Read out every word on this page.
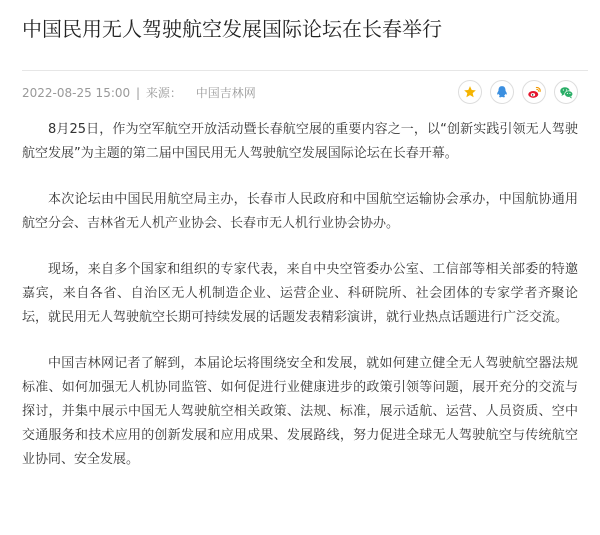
中国民用无人驾驶航空发展国际论坛在长春举行
2022-08-25 15:00 | 来源： 中国吉林网

8月25日，作为空军航空开放活动暨长春航空展的重要内容之一，以“创新实践引领无人驾驶航空发展”为主题的第二届中国民用无人驾驶航空发展国际论坛在长春开幕。

本次论坛由中国民用航空局主办，长春市人民政府和中国航空运输协会承办，中国航协通用航空分会、吉林省无人机产业协会、长春市无人机行业协会协办。

现场，来自多个国家和组织的专家代表，来自中央空管委办公室、工信部等相关部委的特邀嘉宾，来自各省、自治区无人机制造企业、运营企业、科研院所、社会团体的专家学者齐聚论坛，就民用无人驾驶航空长期可持续发展的话题发表精彩演讲，就行业热点话题进行广泛交流。

中国吉林网记者了解到，本届论坛将围绕安全和发展，就如何建立健全无人驾驶航空器法规标准、如何加强无人机协同监管、如何促进行业健康进步的政策引领等问题，展开充分的交流与探讨，并集中展示中国无人驾驶航空相关政策、法规、标准，展示适航、运营、人员资质、空中交通服务和技术应用的创新发展和应用成果、发展路线，努力促进全球无人驾驶航空与传统航空业协同、安全发展。
